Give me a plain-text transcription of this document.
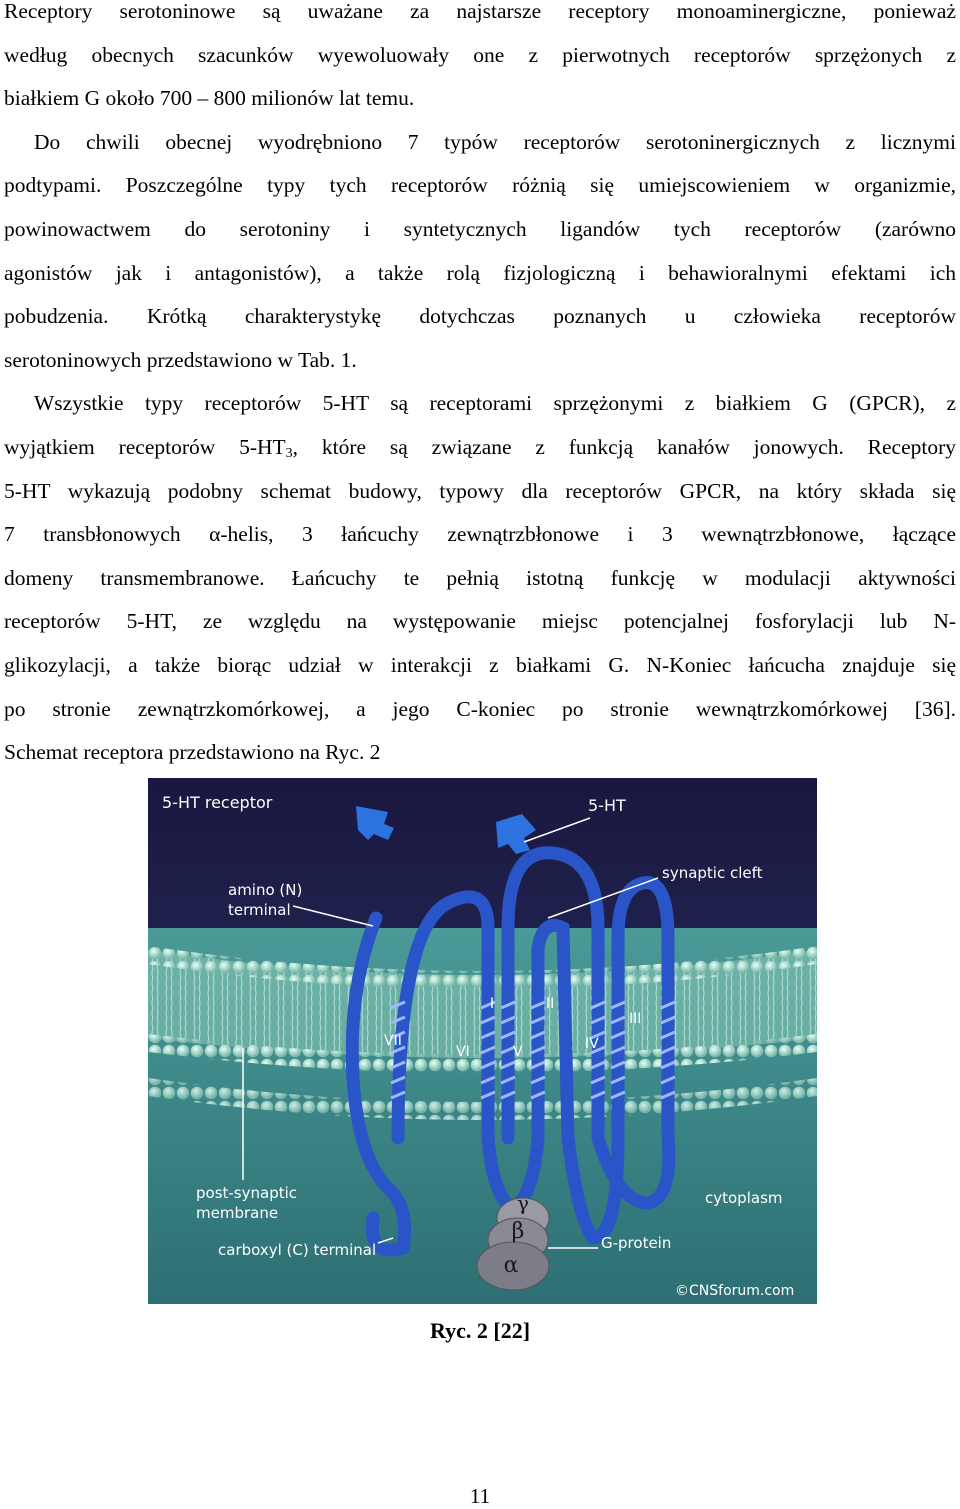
Receptory serotoninowe są uważane za najstarsze receptory monoaminergiczne, ponieważ
według obecnych szacunków wyewoluowały one z pierwotnych receptorów sprzężonych z
białkiem G około 700 – 800 milionów lat temu.
Do chwili obecnej wyodrębniono 7 typów receptorów serotoninergicznych z licznymi
podtypami. Poszczególne typy tych receptorów różnią się umiejscowieniem w organizmie,
powinowactwem do serotoniny i syntetycznych ligandów tych receptorów (zarówno
agonistów jak i antagonistów), a także rolą fizjologiczną i behawioralnymi efektami ich
pobudzenia. Krótką charakterystykę dotychczas poznanych u człowieka receptorów
serotoninowych przedstawiono w Tab. 1.
Wszystkie typy receptorów 5-HT są receptorami sprzężonymi z białkiem G (GPCR), z
wyjątkiem receptorów $5-HT_3$, które są związane z funkcją kanałów jonowych. Receptory
5-HT wykazują podobny schemat budowy, typowy dla receptorów GPCR, na który składa się
7 transbłonowych α-helis, 3 łańcuchy zewnątrzbłonowe i 3 wewnątrzbłonowe, łączące
domeny transmembranowe. Łańcuchy te pełnią istotną funkcję w modulacji aktywności
receptorów 5-HT, ze względu na występowanie miejsc potencjalnej fosforylacji lub N-
glikozylacji, a także biorąc udział w interakcji z białkami G. N-Koniec łańcucha znajduje się
po stronie zewnątrzkomórkowej, a jego C-koniec po stronie wewnątrzkomórkowej [36].
Schemat receptora przedstawiono na Ryc. 2
γ
β
α
VII
VI	V
I	II
IV
III
5-HT receptor	5-HT
synaptic cleft
amino (N)
terminal
post-synaptic
membrane
carboxyl (C) terminal
cytoplasm
G-protein
©CNSforum.com
Ryc. 2 [22]
11
